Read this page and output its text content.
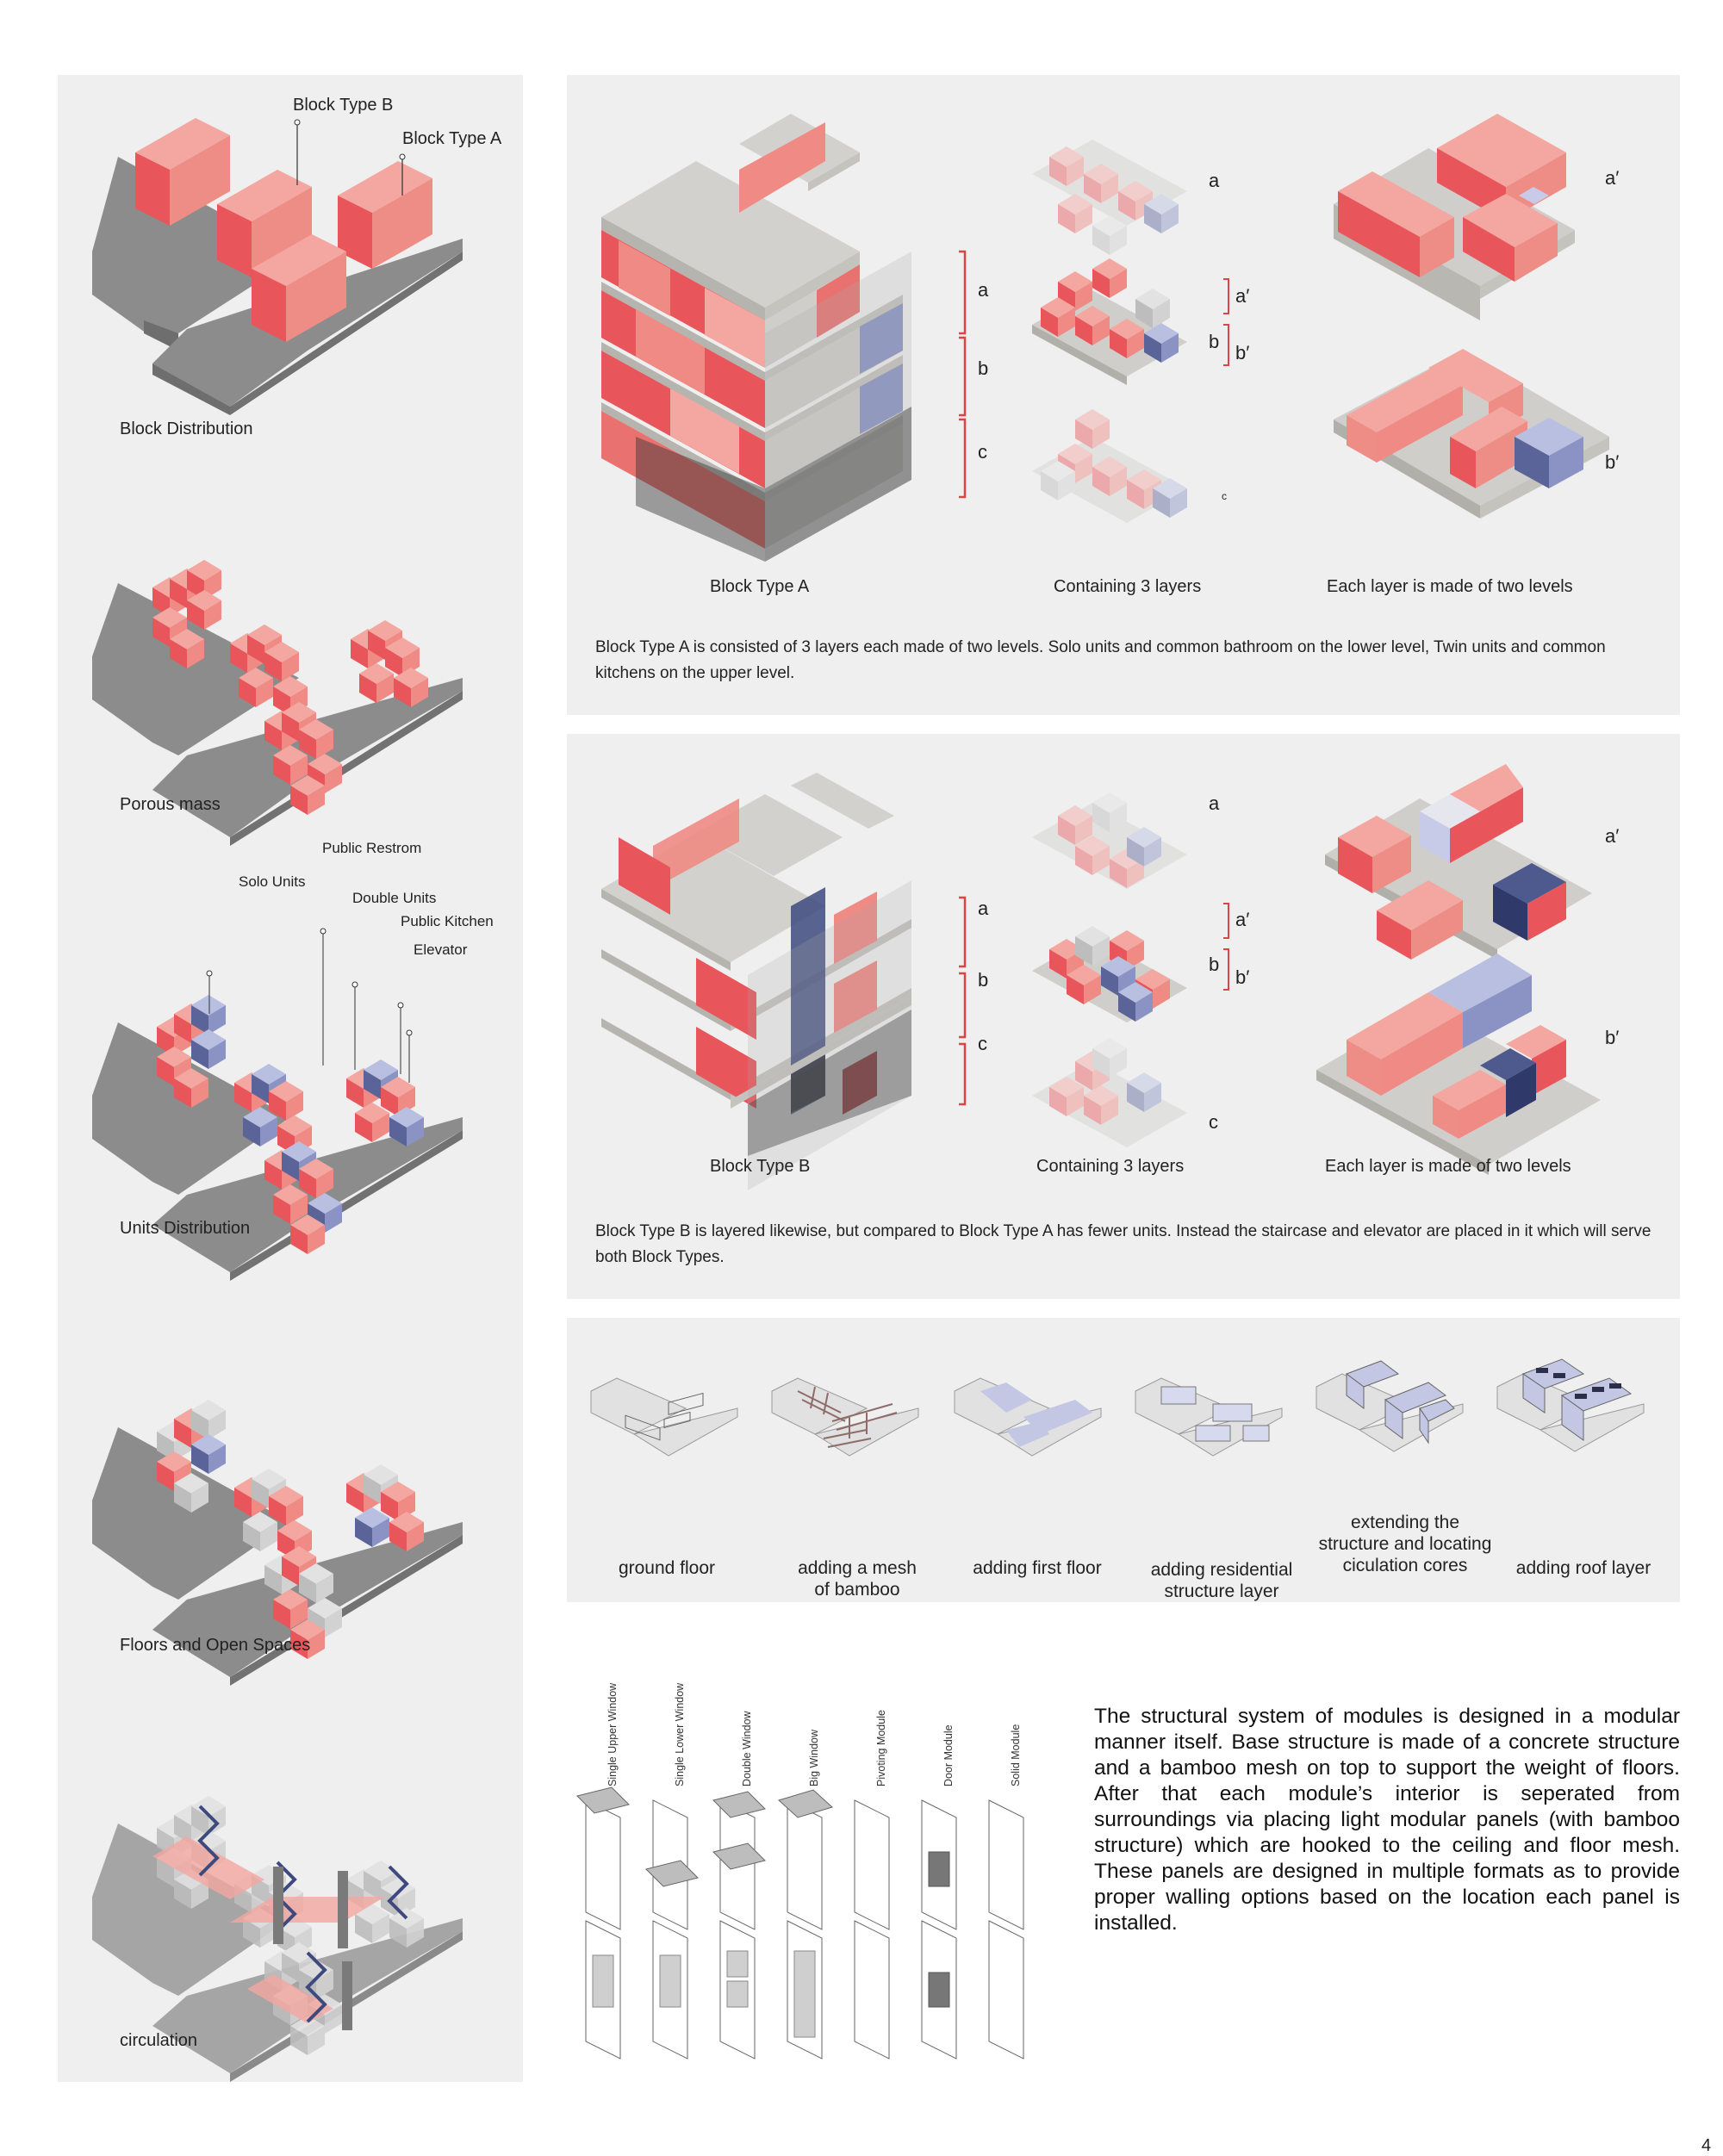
Block Type B
Block Type A
Block Distribution
Porous mass
Public Restrom
Solo Units
Double Units
Public Kitchen
Elevator
Units Distribution
Floors and Open Spaces
circulation
a
b
c
a
b
c
a′
b′
a′
b′
Block Type A	Containing 3 layers	Each layer is made of two levels
Block Type A is consisted of 3 layers each made of two levels. Solo units and common bathroom on the lower level, Twin units and common kitchens on the upper level.
a
b
c
a
b
c
a′
b′
a′
b′
Block Type B	Containing 3 layers	Each layer is made of two levels
Block Type B is layered likewise, but compared to Block Type A has fewer units. Instead the staircase and elevator are placed in it which will serve both Block Types.
ground floor	adding a mesh of bamboo
adding first floor	adding residential structure layer
extending the structure and locating ciculation cores	adding roof layer
Single Upper Window	Single Lower Window	Double Window	Big Window	Pivoting Module	Door Module	Solid Module
The structural system of modules is designed in a modular manner itself. Base structure is made of a concrete structure and a bamboo mesh on top to support the weight of floors. After that each module’s interior is seperated from surroundings via placing light modular panels (with bamboo structure) which are hooked to the ceiling and floor mesh. These panels are designed in multiple formats as to provide proper walling options based on the location each panel is installed.
4
